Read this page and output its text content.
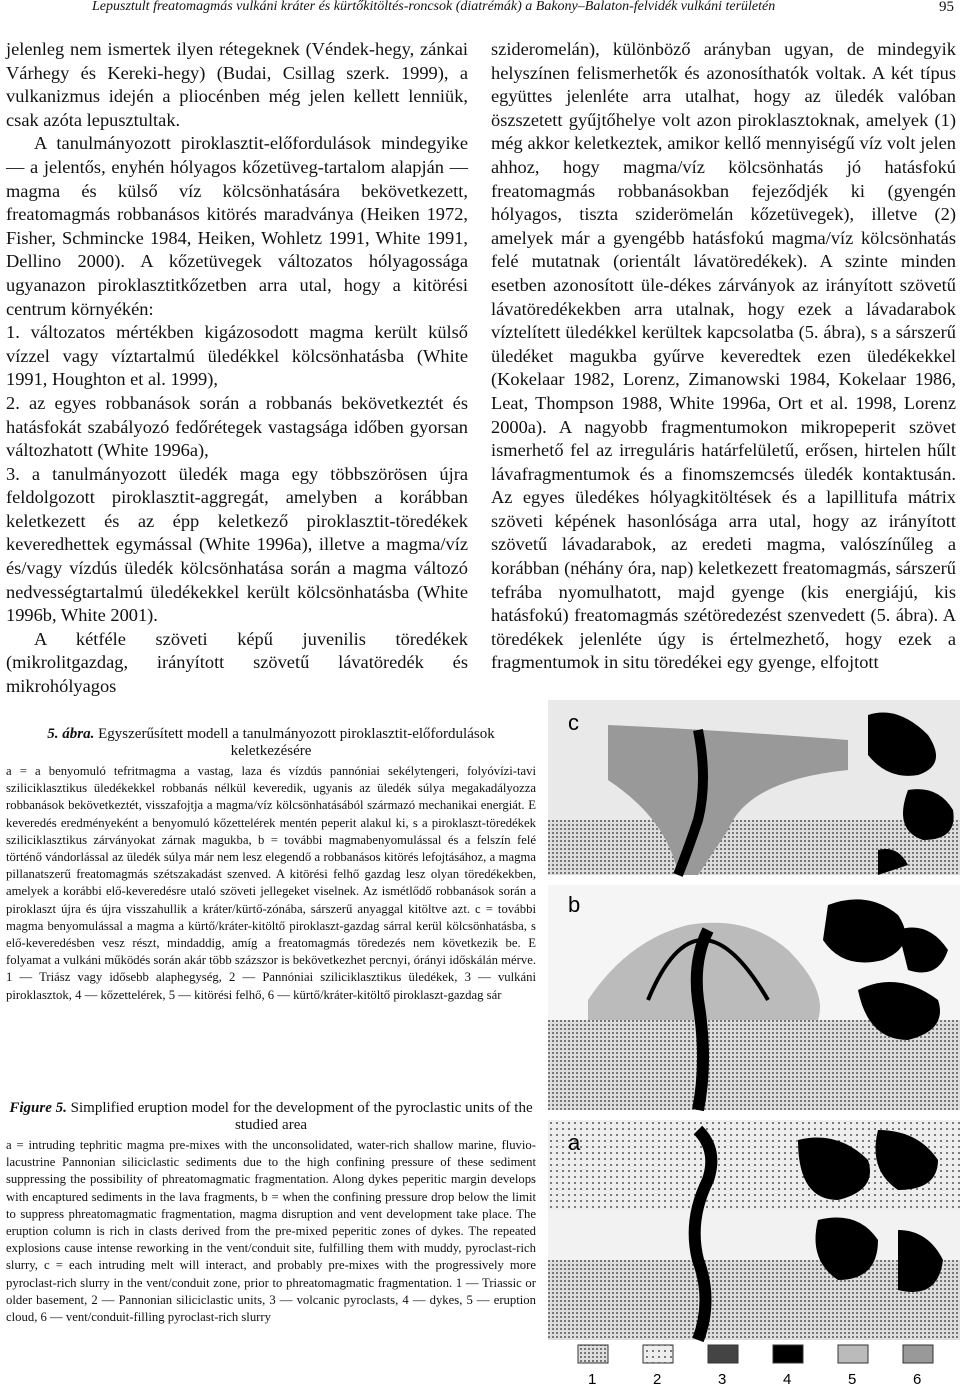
Lepusztult freatomagmás vulkáni kráter és kürtőkitöltés-roncsok (diatrémák) a Bakony–Balaton-felvidék vulkáni területén	95

jelenleg nem ismertek ilyen rétegeknek (Véndek-hegy, zánkai Várhegy és Kereki-hegy) (Budai, Csillag szerk. 1999), a vulkanizmus idején a pliocénben még jelen kellett lenniük, csak azóta lepusztultak.

A tanulmányozott piroklasztit-előfordulások mindegyike — a jelentős, enyhén hólyagos kőzetüveg-tartalom alapján — magma és külső víz kölcsönhatására bekövetkezett, freatomagmás robbanásos kitörés maradványa (Heiken 1972, Fisher, Schmincke 1984, Heiken, Wohletz 1991, White 1991, Dellino 2000). A kőzetüvegek változatos hólyagossága ugyanazon piroklasztitkőzetben arra utal, hogy a kitörési centrum környékén:

1. változatos mértékben kigázosodott magma került külső vízzel vagy víztartalmú üledékkel kölcsönhatásba (White 1991, Houghton et al. 1999),

2. az egyes robbanások során a robbanás bekövetkeztét és hatásfokát szabályozó fedőrétegek vastagsága időben gyorsan változhatott (White 1996a),

3. a tanulmányozott üledék maga egy többszörösen újra feldolgozott piroklasztit-aggregát, amelyben a korábban keletkezett és az épp keletkező piroklasztit-töredékek keveredhettek egymással (White 1996a), illetve a magma/víz és/vagy vízdús üledék kölcsönhatása során a magma változó nedvességtartalmú üledékekkel került kölcsönhatásba (White 1996b, White 2001).

A kétféle szöveti képű juvenilis töredékek (mikrolitgazdag, irányított szövetű lávatöredék és mikrohólyagos

szideromelán), különböző arányban ugyan, de mindegyik helyszínen felismerhetők és azonosíthatók voltak. A két típus együttes jelenléte arra utalhat, hogy az üledék valóban öszszetett gyűjtőhelye volt azon piroklasztoknak, amelyek (1) még akkor keletkeztek, amikor kellő mennyiségű víz volt jelen ahhoz, hogy magma/víz kölcsönhatás jó hatásfokú freatomagmás robbanásokban fejeződjék ki (gyengén hólyagos, tiszta sziderömelán kőzetüvegek), illetve (2) amelyek már a gyengébb hatásfokú magma/víz kölcsönhatás felé mutatnak (orientált lávatöredékek). A szinte minden esetben azonosított üle-dékes zárványok az irányított szövetű lávatöredékekben arra utalnak, hogy ezek a lávadarabok víztelített üledékkel kerültek kapcsolatba (5. ábra), s a sárszerű üledéket magukba gyűrve keveredtek ezen üledékekkel (Kokelaar 1982, Lorenz, Zimanowski 1984, Kokelaar 1986, Leat, Thompson 1988, White 1996a, Ort et al. 1998, Lorenz 2000a). A nagyobb fragmentumokon mikropeperit szövet ismerhető fel az irreguláris határfelületű, erősen, hirtelen hűlt lávafragmentumok és a finomszemcsés üledék kontaktusán. Az egyes üledékes hólyagkitöltések és a lapillitufa mátrix szöveti képének hasonlósága arra utal, hogy az irányított szövetű lávadarabok, az eredeti magma, valószínűleg a korábban (néhány óra, nap) keletkezett freatomagmás, sárszerű tefrába nyomulhatott, majd gyenge (kis energiájú, kis hatásfokú) freatomagmás szétöredezést szenvedett (5. ábra). A töredékek jelenléte úgy is értelmezhető, hogy ezek a fragmentumok in situ töredékei egy gyenge, elfojtott

5. ábra. Egyszerűsített modell a tanulmányozott piroklasztit-előfordulások keletkezésére
a = a benyomuló tefritmagma a vastag, laza és vízdús pannóniai sekélytengeri, folyóvízi-tavi sziliciklasztikus üledékekkel robbanás nélkül keveredik, ugyanis az üledék súlya megakadályozza robbanások bekövetkeztét, visszafojtja a magma/víz kölcsönhatásából származó mechanikai energiát. E keveredés eredményeként a benyomuló kőzettelérek mentén peperit alakul ki, s a piroklaszt-töredékek sziliciklasztikus zárványokat zárnak magukba, b = további magmabenyomulással és a felszín felé történő vándorlással az üledék súlya már nem lesz elegendő a robbanásos kitörés lefojtásához, a magma pillanatszerű freatomagmás szétszakadást szenved. A kitörési felhő gazdag lesz olyan töredékekben, amelyek a korábbi elő-keveredésre utaló szöveti jellegeket viselnek. Az ismétlődő robbanások során a piroklaszt újra és újra visszahullik a kráter/kürtő-zónába, sárszerű anyaggal kitöltve azt. c = további magma benyomulással a magma a kürtő/kráter-kitöltő piroklaszt-gazdag sárral kerül kölcsönhatásba, s elő-keveredésben vesz részt, mindaddig, amíg a freatomagmás töredezés nem következik be. E folyamat a vulkáni működés során akár több százszor is bekövetkezhet percnyi, órányi időskálán mérve. 1 — Triász vagy idősebb alaphegység, 2 — Pannóniai sziliciklasztikus üledékek, 3 — vulkáni piroklasztok, 4 — kőzettelérek, 5 — kitörési felhő, 6 — kürtő/kráter-kitöltő piroklaszt-gazdag sár
Figure 5. Simplified eruption model for the development of the pyroclastic units of the studied area
a = intruding tephritic magma pre-mixes with the unconsolidated, water-rich shallow marine, fluvio-lacustrine Pannonian siliciclastic sediments due to the high confining pressure of these sediment suppressing the possibility of phreatomagmatic fragmentation. Along dykes peperitic margin develops with encaptured sediments in the lava fragments, b = when the confining pressure drop below the limit to suppress phreatomagmatic fragmentation, magma disruption and vent development take place. The eruption column is rich in clasts derived from the pre-mixed peperitic zones of dykes. The repeated explosions cause intense reworking in the vent/conduit site, fulfilling them with muddy, pyroclast-rich slurry, c = each intruding melt will interact, and probably pre-mixes with the progressively more pyroclast-rich slurry in the vent/conduit zone, prior to phreatomagmatic fragmentation. 1 — Triassic or older basement, 2 — Pannonian siliciclastic units, 3 — volcanic pyroclasts, 4 — dykes, 5 — eruption cloud, 6 — vent/conduit-filling pyroclast-rich slurry
c
b
a
1	2	3	4	5	6
